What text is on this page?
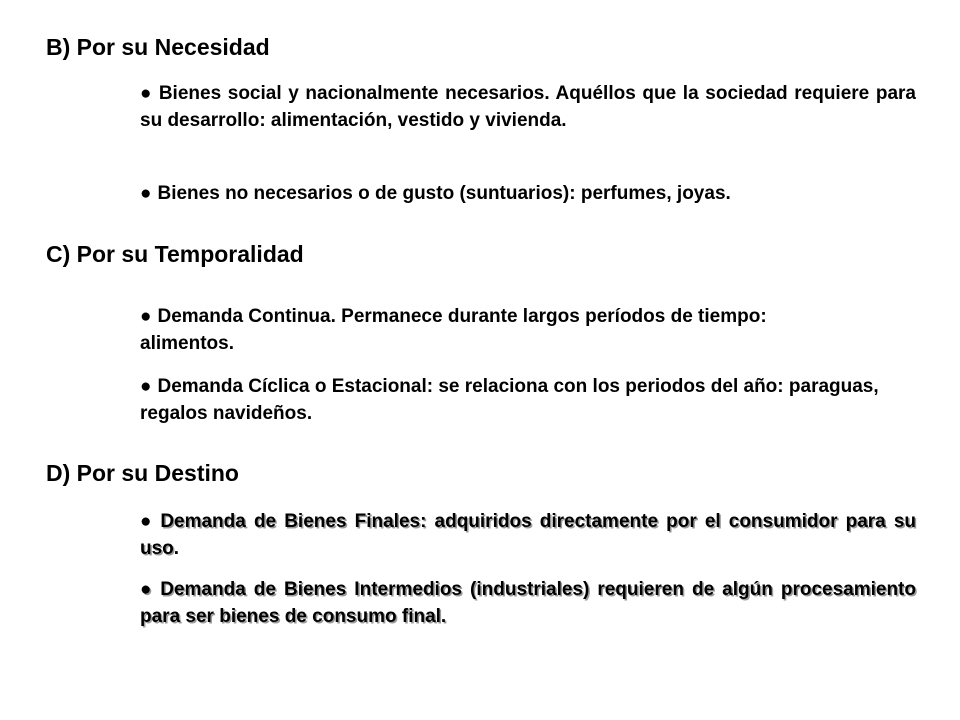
B) Por su Necesidad

● Bienes social y nacionalmente necesarios. Aquéllos que la sociedad requiere para su desarrollo: alimentación, vestido y vivienda.

● Bienes no necesarios o de gusto (suntuarios): perfumes, joyas.

C) Por su Temporalidad

● Demanda Continua. Permanece durante largos períodos de tiempo: alimentos.

● Demanda Cíclica o Estacional: se relaciona con los periodos del año: paraguas, regalos navideños.

D) Por su Destino

● Demanda de Bienes Finales: adquiridos directamente por el consumidor para su uso.

● Demanda de Bienes Intermedios (industriales) requieren de algún procesamiento para ser bienes de consumo final.
